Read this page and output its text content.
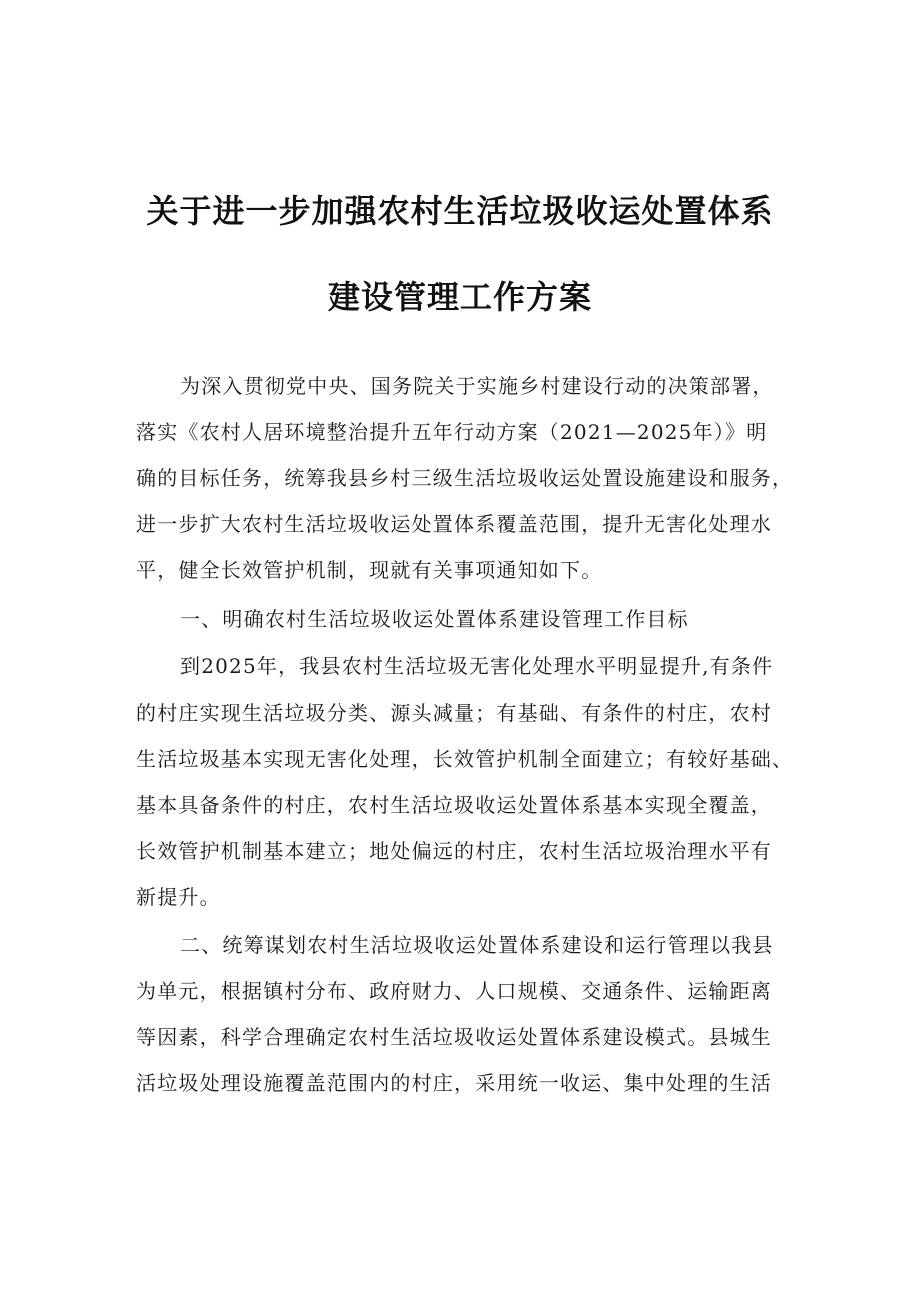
关于进一步加强农村生活垃圾收运处置体系
建设管理工作方案
为深入贯彻党中央、国务院关于实施乡村建设行动的决策部署，
落实《农村人居环境整治提升五年行动方案（2021—2025年）》明
确的目标任务，统筹我县乡村三级生活垃圾收运处置设施建设和服务，
进一步扩大农村生活垃圾收运处置体系覆盖范围，提升无害化处理水
平，健全长效管护机制，现就有关事项通知如下。
一、明确农村生活垃圾收运处置体系建设管理工作目标
到2025年，我县农村生活垃圾无害化处理水平明显提升,有条件
的村庄实现生活垃圾分类、源头减量；有基础、有条件的村庄，农村
生活垃圾基本实现无害化处理，长效管护机制全面建立；有较好基础、
基本具备条件的村庄，农村生活垃圾收运处置体系基本实现全覆盖，
长效管护机制基本建立；地处偏远的村庄，农村生活垃圾治理水平有
新提升。
二、统筹谋划农村生活垃圾收运处置体系建设和运行管理以我县
为单元，根据镇村分布、政府财力、人口规模、交通条件、运输距离
等因素，科学合理确定农村生活垃圾收运处置体系建设模式。县城生
活垃圾处理设施覆盖范围内的村庄，采用统一收运、集中处理的生活
